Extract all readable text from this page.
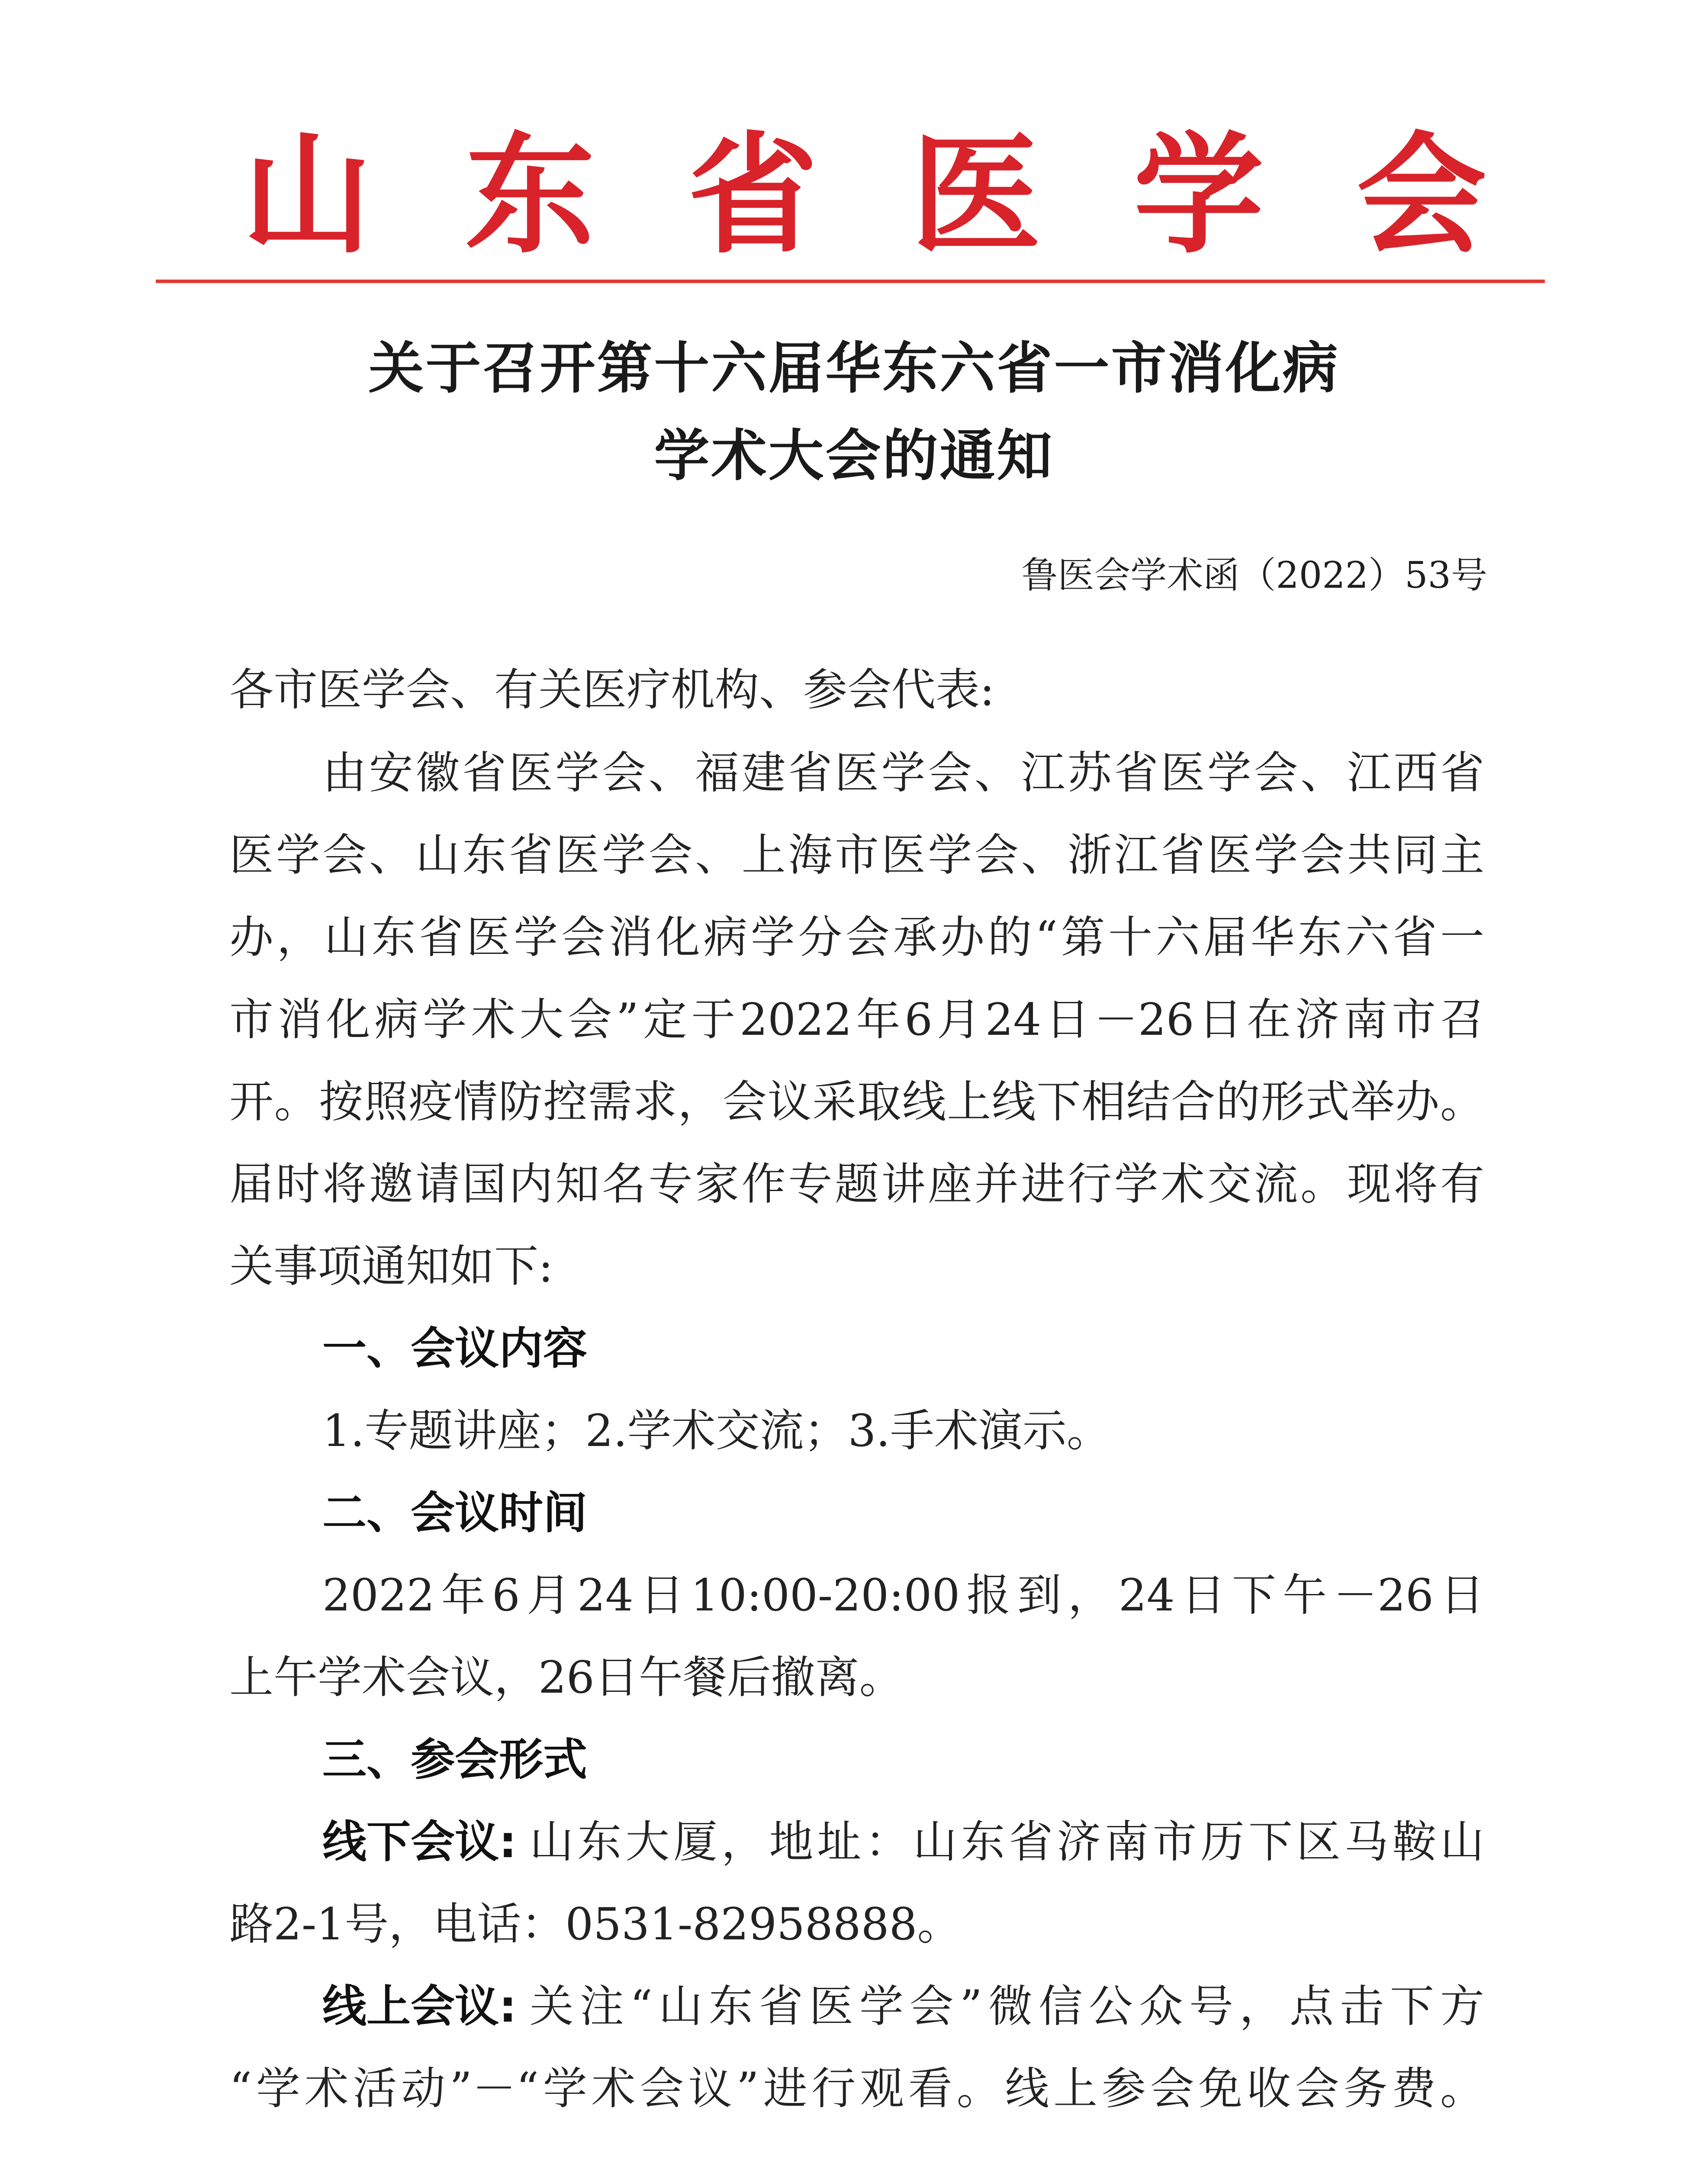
山东省医学会
关于召开第十六届华东六省一市消化病
学术大会的通知
鲁医会学术函（2022）53号
各市医学会、有关医疗机构、参会代表:
由安徽省医学会、福建省医学会、江苏省医学会、江西省
医学会、山东省医学会、上海市医学会、浙江省医学会共同主
办，山东省医学会消化病学分会承办的“第十六届华东六省一
市消化病学术大会”定于2022年6月24日－26日在济南市召
开。按照疫情防控需求，会议采取线上线下相结合的形式举办。
届时将邀请国内知名专家作专题讲座并进行学术交流。现将有
关事项通知如下:
一、会议内容
1.专题讲座；2.学术交流；3.手术演示。
二、会议时间
2022年6月24日10:00-20:00报到，24日下午－26日
上午学术会议，26日午餐后撤离。
三、参会形式
线下会议: 山东大厦，地址：山东省济南市历下区马鞍山
路2-1号，电话：0531-82958888。
线上会议: 关注“山东省医学会”微信公众号，点击下方
“学术活动”－“学术会议”进行观看。线上参会免收会务费。
